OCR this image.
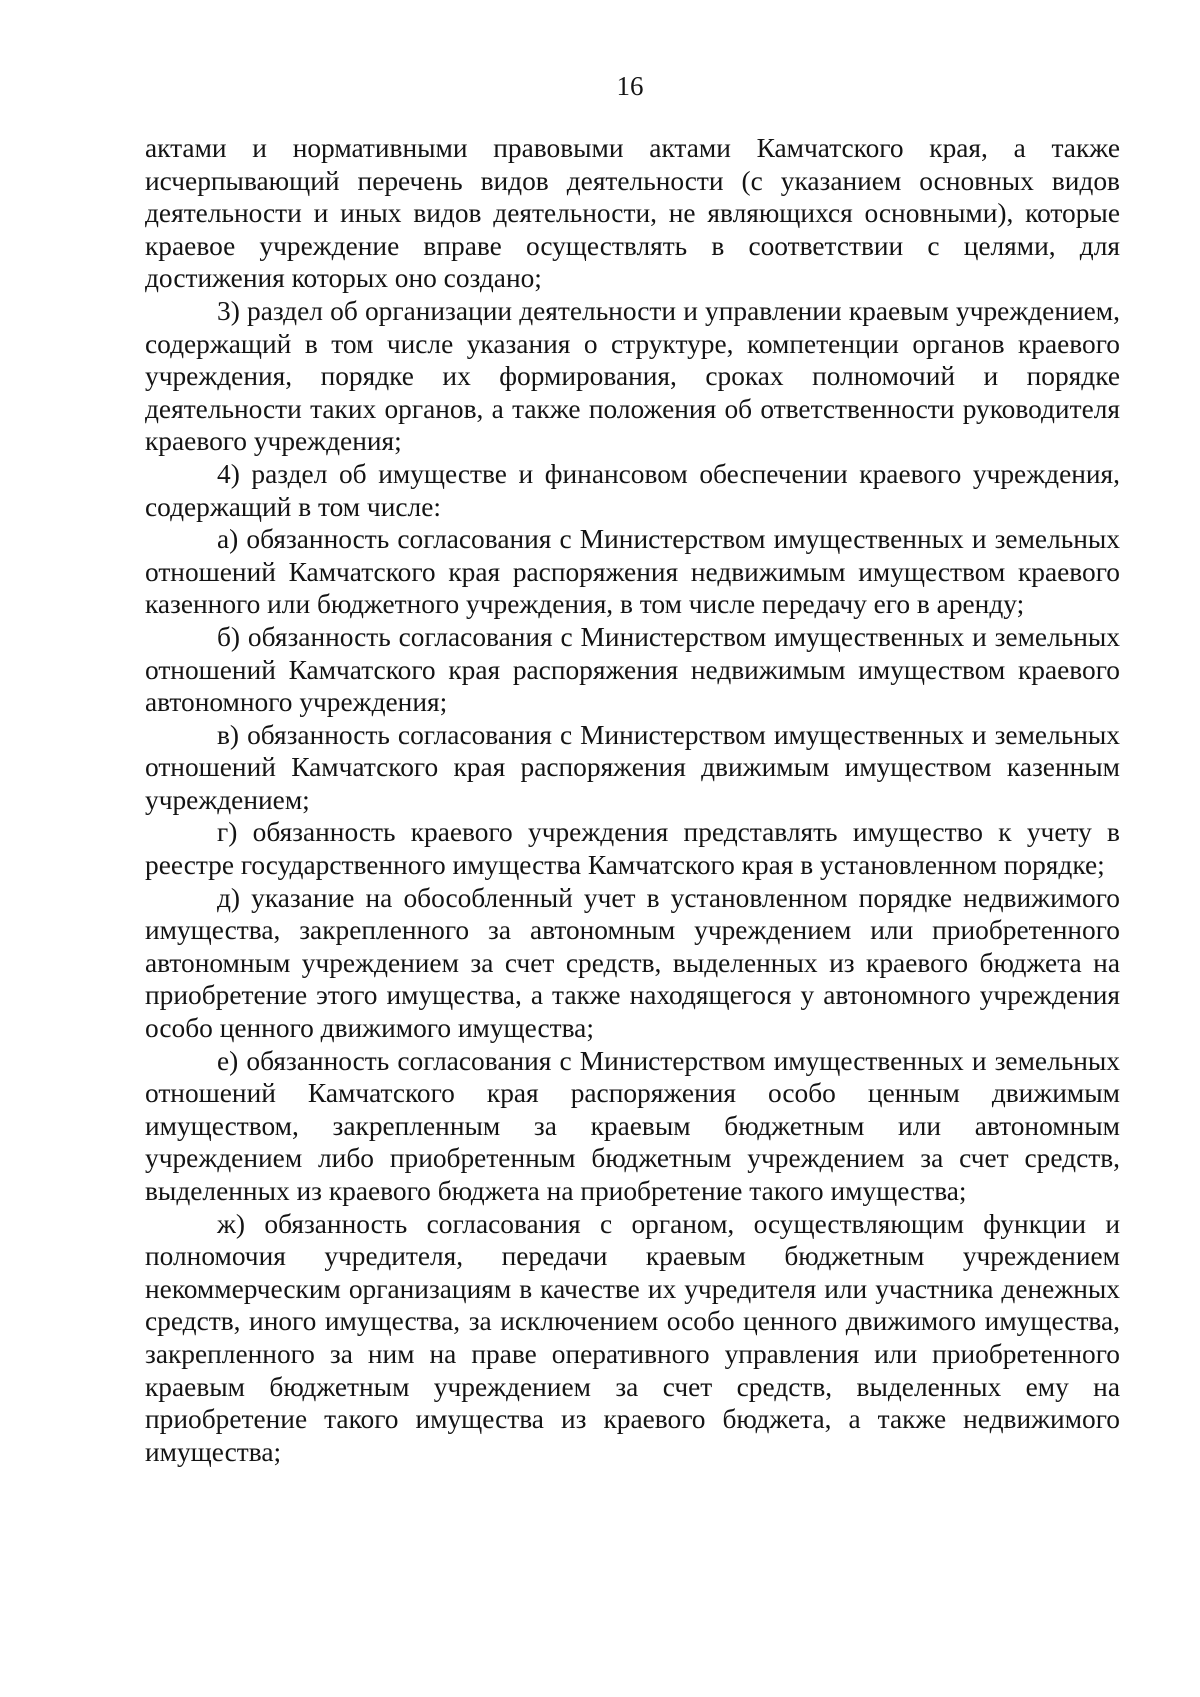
16

актами и нормативными правовыми актами Камчатского края, а также исчерпывающий перечень видов деятельности (с указанием основных видов деятельности и иных видов деятельности, не являющихся основными), которые краевое учреждение вправе осуществлять в соответствии с целями, для достижения которых оно создано;

3) раздел об организации деятельности и управлении краевым учреждением, содержащий в том числе указания о структуре, компетенции органов краевого учреждения, порядке их формирования, сроках полномочий и порядке деятельности таких органов, а также положения об ответственности руководителя краевого учреждения;

4) раздел об имуществе и финансовом обеспечении краевого учреждения, содержащий в том числе:

а) обязанность согласования с Министерством имущественных и земельных отношений Камчатского края распоряжения недвижимым имуществом краевого казенного или бюджетного учреждения, в том числе передачу его в аренду;

б) обязанность согласования с Министерством имущественных и земельных отношений Камчатского края распоряжения недвижимым имуществом краевого автономного учреждения;

в) обязанность согласования с Министерством имущественных и земельных отношений Камчатского края распоряжения движимым имуществом казенным учреждением;

г) обязанность краевого учреждения представлять имущество к учету в реестре государственного имущества Камчатского края в установленном порядке;

д) указание на обособленный учет в установленном порядке недвижимого имущества, закрепленного за автономным учреждением или приобретенного автономным учреждением за счет средств, выделенных из краевого бюджета на приобретение этого имущества, а также находящегося у автономного учреждения особо ценного движимого имущества;

е) обязанность согласования с Министерством имущественных и земельных отношений Камчатского края распоряжения особо ценным движимым имуществом, закрепленным за краевым бюджетным или автономным учреждением либо приобретенным бюджетным учреждением за счет средств, выделенных из краевого бюджета на приобретение такого имущества;

ж) обязанность согласования с органом, осуществляющим функции и полномочия учредителя, передачи краевым бюджетным учреждением некоммерческим организациям в качестве их учредителя или участника денежных средств, иного имущества, за исключением особо ценного движимого имущества, закрепленного за ним на праве оперативного управления или приобретенного краевым бюджетным учреждением за счет средств, выделенных ему на приобретение такого имущества из краевого бюджета, а также недвижимого имущества;
